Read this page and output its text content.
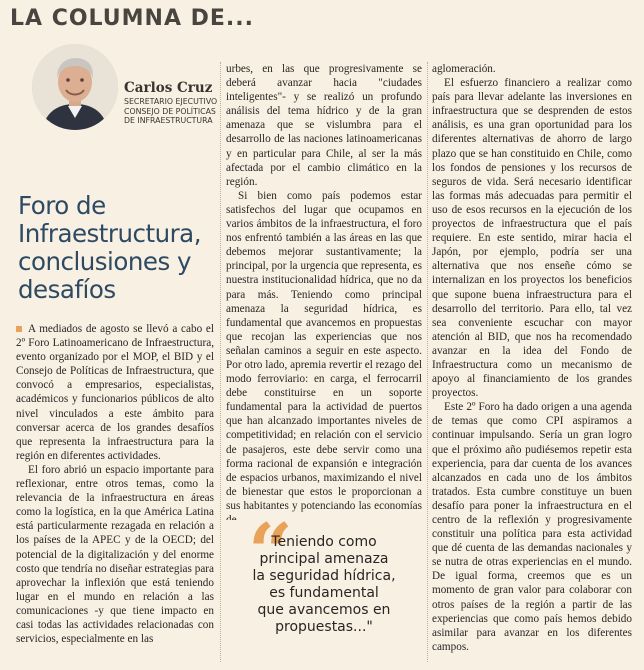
LA COLUMNA DE...

Carlos Cruz

SECRETARIO EJECUTIVO CONSEJO DE POLÍTICAS DE INFRAESTRUCTURA
Foro de Infraestructura, conclusiones y desafíos

A mediados de agosto se llevó a cabo el 2º Foro Latinoamericano de Infraestructura, evento organizado por el MOP, el BID y el Consejo de Políticas de Infraestructura, que convocó a empresarios, especialistas, académicos y funcionarios públicos de alto nivel vinculados a este ámbito para conversar acerca de los grandes desafíos que representa la infraestructura para la región en diferentes actividades.

El foro abrió un espacio importante para reflexionar, entre otros temas, como la relevancia de la infraestructura en áreas como la logística, en la que América Latina está particularmente rezagada en relación a los países de la APEC y de la OECD; del potencial de la digitalización y del enorme costo que tendría no diseñar estrategias para aprovechar la inflexión que está teniendo lugar en el mundo en relación a las comunicaciones -y que tiene impacto en casi todas las actividades relacionadas con servicios, especialmente en las

urbes, en las que progresivamente se deberá avanzar hacia "ciudades inteligentes"- y se realizó un profundo análisis del tema hídrico y de la gran amenaza que se vislumbra para el desarrollo de las naciones latinoamericanas y en particular para Chile, al ser la más afectada por el cambio climático en la región.

Si bien como país podemos estar satisfechos del lugar que ocupamos en varios ámbitos de la infraestructura, el foro nos enfrentó también a las áreas en las que debemos mejorar sustantivamente; la principal, por la urgencia que representa, es nuestra institucionalidad hídrica, que no da para más. Teniendo como principal amenaza la seguridad hídrica, es fundamental que avancemos en propuestas que recojan las experiencias que nos señalan caminos a seguir en este aspecto. Por otro lado, apremia revertir el rezago del modo ferroviario: en carga, el ferrocarril debe constituirse en un soporte fundamental para la actividad de puertos que han alcanzado importantes niveles de competitividad; en relación con el servicio de pasajeros, este debe servir como una forma racional de expansión e integración de espacios urbanos, maximizando el nivel de bienestar que estos le proporcionan a sus habitantes y potenciando las economías

“
Teniendo como
principal amenaza
la seguridad hídrica,
es fundamental
que avancemos en
propuestas..."

aglomeración.

El esfuerzo financiero a realizar como país para llevar adelante las inversiones en infraestructura que se desprenden de estos análisis, es una gran oportunidad para los diferentes alternativas de ahorro de largo plazo que se han constituido en Chile, como los fondos de pensiones y los recursos de seguros de vida. Será necesario identificar las formas más adecuadas para permitir el uso de esos recursos en la ejecución de los proyectos de infraestructura que el país requiere. En este sentido, mirar hacia el Japón, por ejemplo, podría ser una alternativa que nos enseñe cómo se internalizan en los proyectos los beneficios que supone buena infraestructura para el desarrollo del territorio. Para ello, tal vez sea conveniente escuchar con mayor atención al BID, que nos ha recomendado avanzar en la idea del Fondo de Infraestructura como un mecanismo de apoyo al financiamiento de los grandes proyectos.

Este 2º Foro ha dado origen a una agenda de temas que como CPI aspiramos a continuar impulsando. Sería un gran logro que el próximo año pudiésemos repetir esta experiencia, para dar cuenta de los avances alcanzados en cada uno de los ámbitos tratados. Esta cumbre constituye un buen desafío para poner la infraestructura en el centro de la reflexión y progresivamente constituir una política para esta actividad que dé cuenta de las demandas nacionales y se nutra de otras experiencias en el mundo. De igual forma, creemos que es un momento de gran valor para colaborar con otros países de la región a partir de las experiencias que como país hemos debido asimilar para avanzar en los diferentes campos.
